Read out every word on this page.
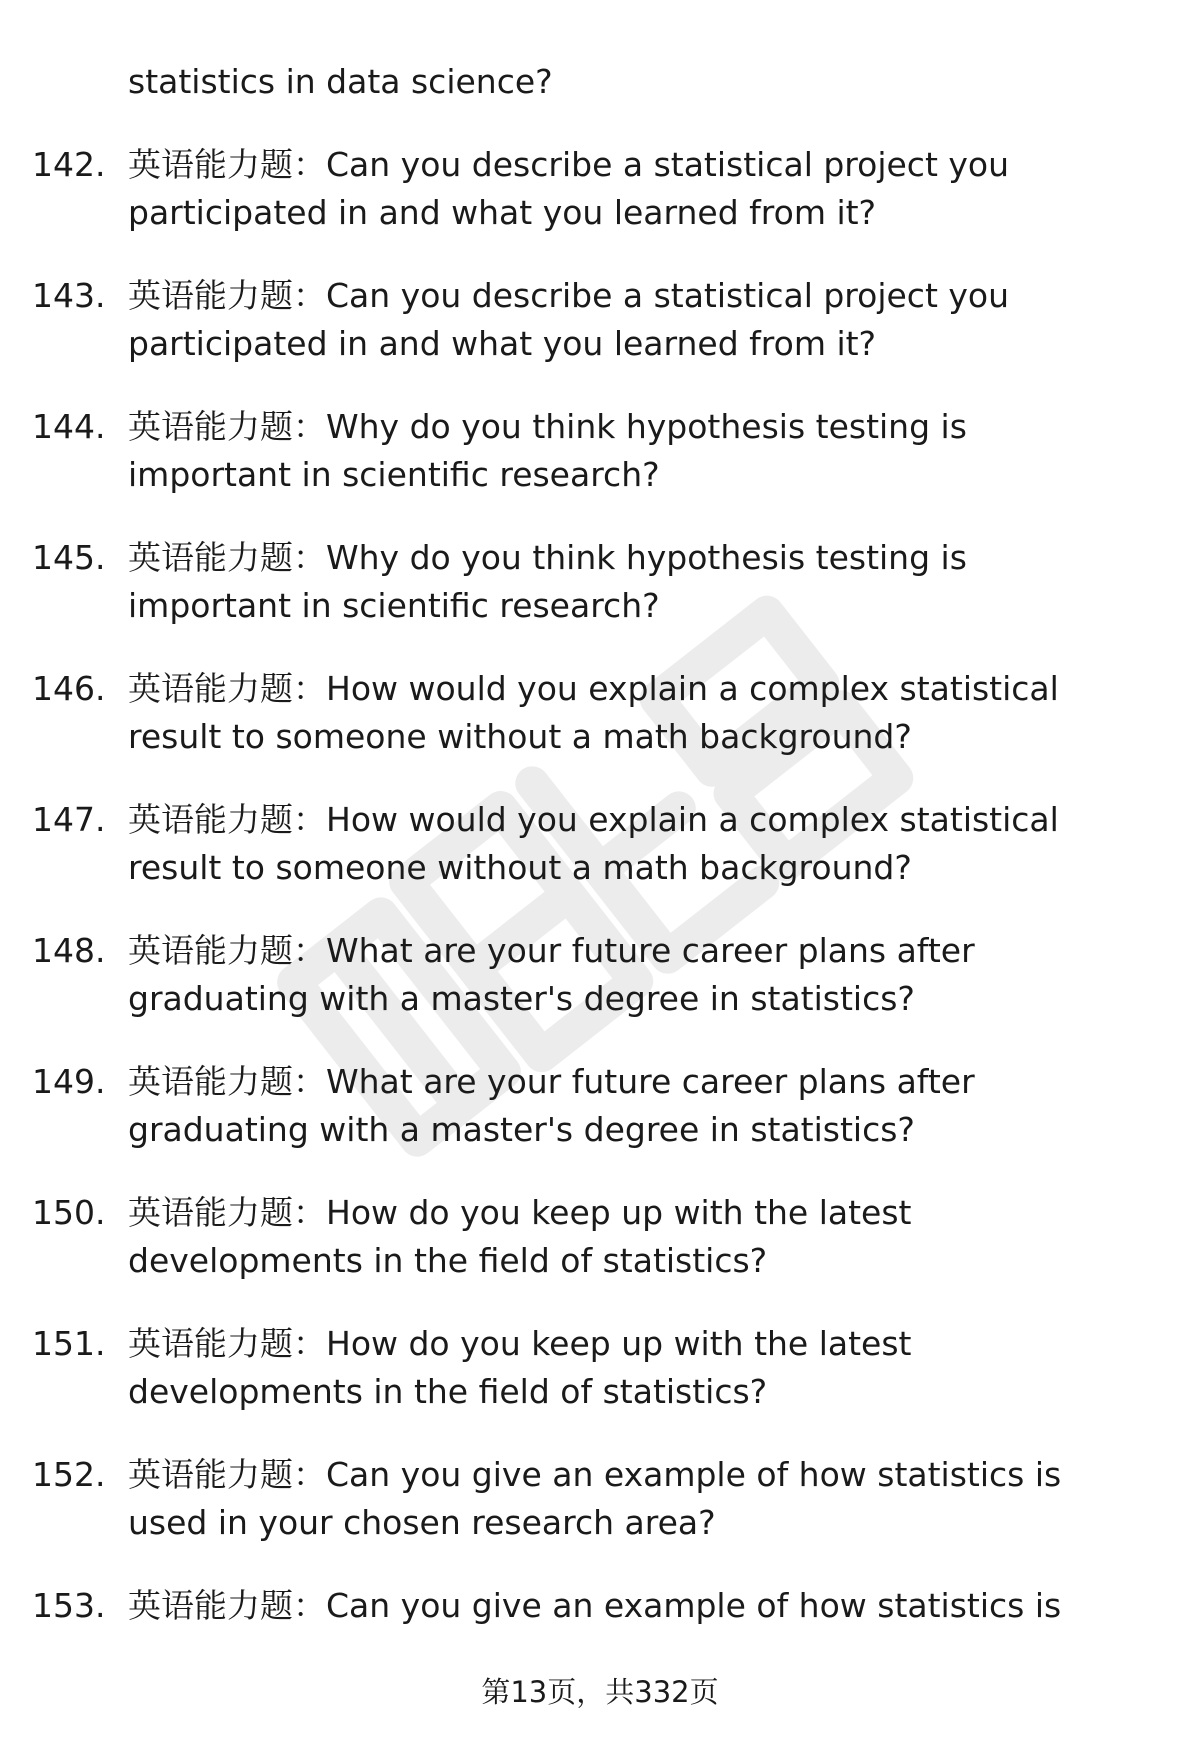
statistics in data science?
142. 英语能力题：Can you describe a statistical project you
participated in and what you learned from it?
143. 英语能力题：Can you describe a statistical project you
participated in and what you learned from it?
144. 英语能力题：Why do you think hypothesis testing is
important in scientific research?
145. 英语能力题：Why do you think hypothesis testing is
important in scientific research?
146. 英语能力题：How would you explain a complex statistical
result to someone without a math background?
147. 英语能力题：How would you explain a complex statistical
result to someone without a math background?
148. 英语能力题：What are your future career plans after
graduating with a master's degree in statistics?
149. 英语能力题：What are your future career plans after
graduating with a master's degree in statistics?
150. 英语能力题：How do you keep up with the latest
developments in the field of statistics?
151. 英语能力题：How do you keep up with the latest
developments in the field of statistics?
152. 英语能力题：Can you give an example of how statistics is
used in your chosen research area?
153. 英语能力题：Can you give an example of how statistics is
第13页，共332页
